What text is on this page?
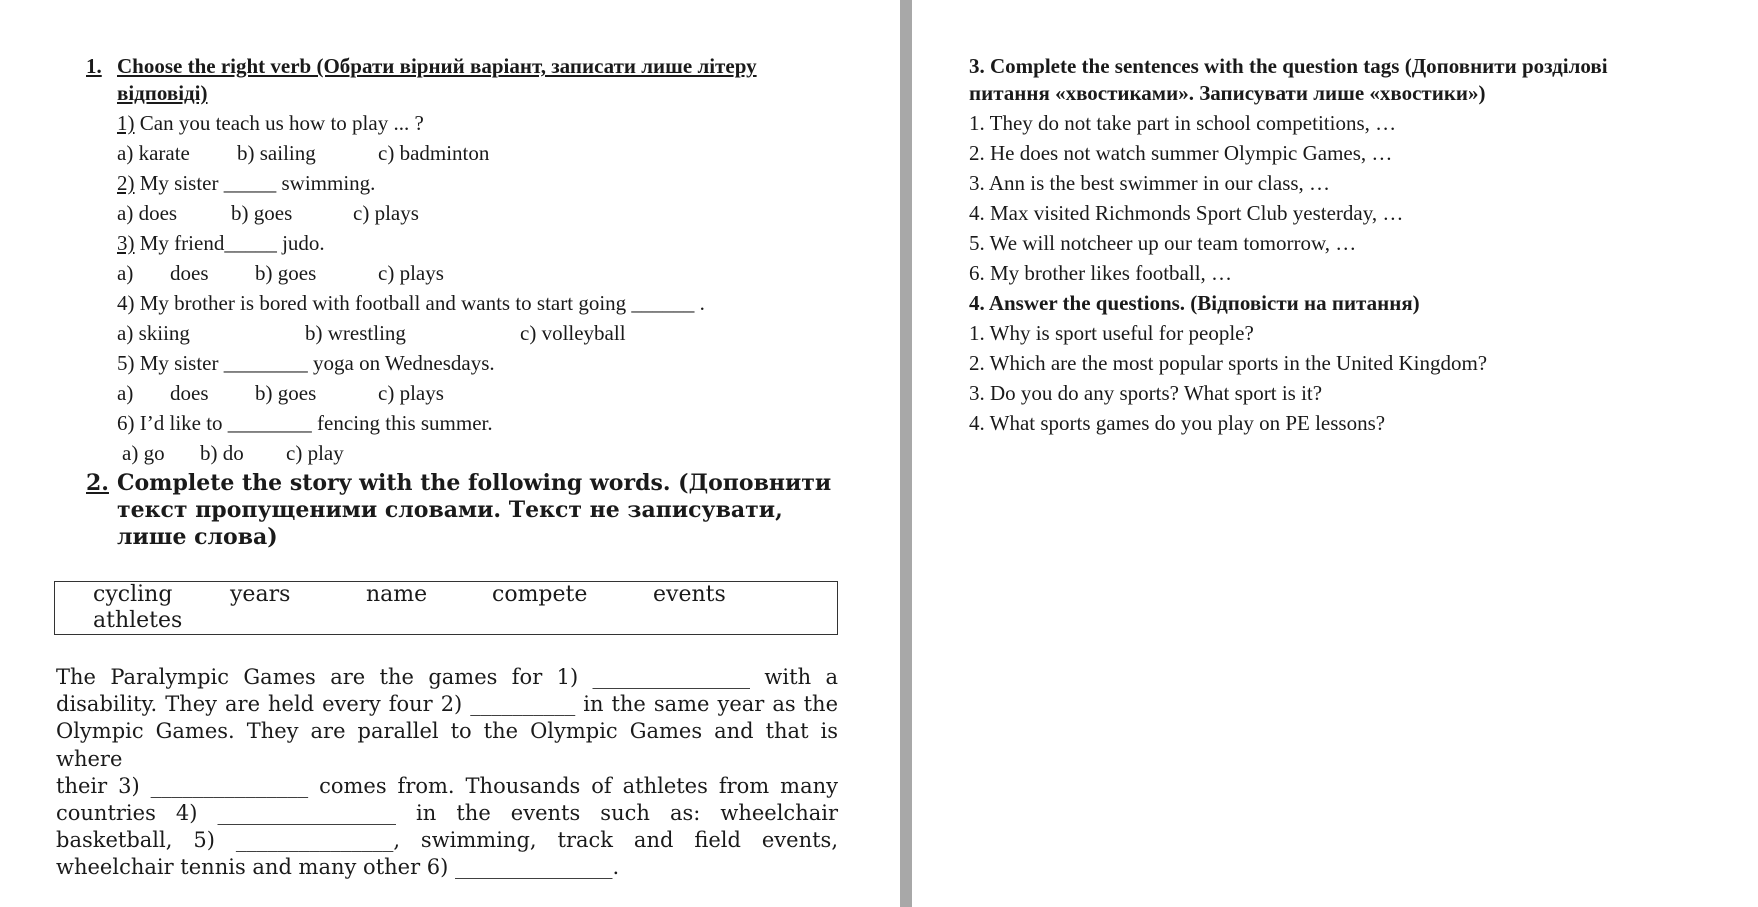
1. Choose the right verb (Обрати вірний варіант, записати лише літеру
відповіді)
1) Can you teach us how to play ... ?
a) karate b) sailing	c) badminton
2) My sister _____ swimming.
a) does	b) goes	c) plays
3) My friend_____ judo.
a) does b) goes	c) plays
4) My brother is bored with football and wants to start going ______ .
a) skiing	b) wrestling	c) volleyball
5) My sister ________ yoga on Wednesdays.
a) does b) goes	c) plays
6) I’d like to ________ fencing this summer.
a) go b) do c) play
2. Complete the story with the following words. (Доповнити текст пропущеними словами. Текст не записувати, лише слова)
cycling	years	name	compete	events
athletes
The Paralympic Games are the games for 1) _______________ with a
disability. They are held every four 2) __________ in the same year as the
Olympic Games. They are parallel to the Olympic Games and that is where
their 3) _______________ comes from. Thousands of athletes from many
countries 4) _________________ in the events such as: wheelchair
basketball, 5) _______________, swimming, track and field events,
wheelchair tennis and many other 6) _______________.
3. Complete the sentences with the question tags (Доповнити розділові
питання «хвостиками». Записувати лише «хвостики»)
1. They do not take part in school competitions, …
2. He does not watch summer Olympic Games, …
3. Ann is the best swimmer in our class, …
4. Max visited Richmonds Sport Club yesterday, …
5. We will notcheer up our team tomorrow, …
6. My brother likes football, …
4. Answer the questions. (Відповісти на питання)
1. Why is sport useful for people?
2. Which are the most popular sports in the United Kingdom?
3. Do you do any sports? What sport is it?
4. What sports games do you play on PE lessons?
